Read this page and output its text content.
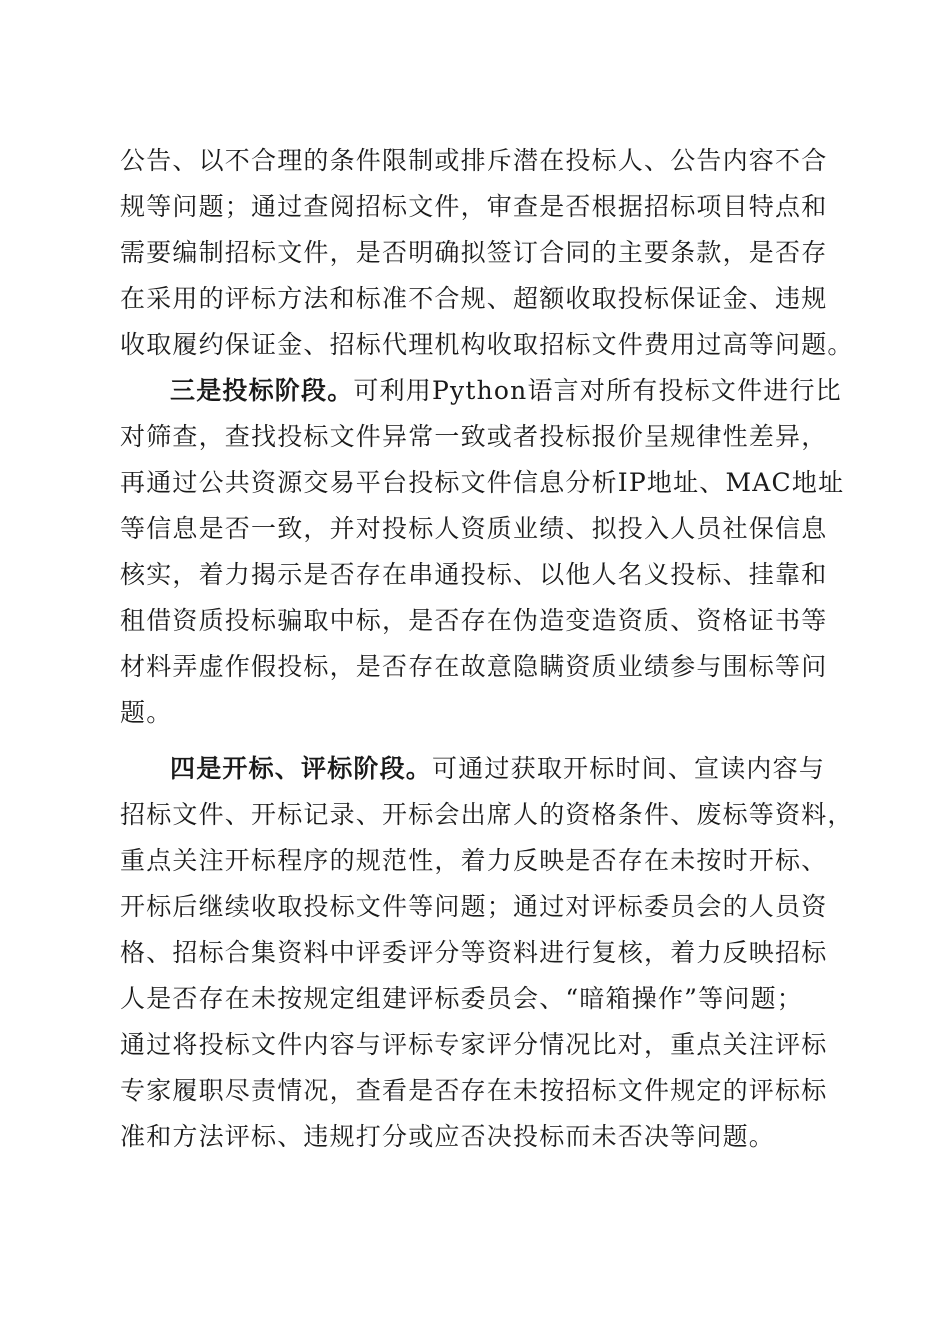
公告、以不合理的条件限制或排斥潜在投标人、公告内容不合
规等问题；通过查阅招标文件，审查是否根据招标项目特点和
需要编制招标文件，是否明确拟签订合同的主要条款，是否存
在采用的评标方法和标准不合规、超额收取投标保证金、违规
收取履约保证金、招标代理机构收取招标文件费用过高等问题。
三是投标阶段。可利用Python语言对所有投标文件进行比
对筛查，查找投标文件异常一致或者投标报价呈规律性差异，
再通过公共资源交易平台投标文件信息分析IP地址、MAC地址
等信息是否一致，并对投标人资质业绩、拟投入人员社保信息
核实，着力揭示是否存在串通投标、以他人名义投标、挂靠和
租借资质投标骗取中标，是否存在伪造变造资质、资格证书等
材料弄虚作假投标，是否存在故意隐瞒资质业绩参与围标等问
题。
四是开标、评标阶段。可通过获取开标时间、宣读内容与
招标文件、开标记录、开标会出席人的资格条件、废标等资料，
重点关注开标程序的规范性，着力反映是否存在未按时开标、
开标后继续收取投标文件等问题；通过对评标委员会的人员资
格、招标合集资料中评委评分等资料进行复核，着力反映招标
人是否存在未按规定组建评标委员会、“暗箱操作”等问题；
通过将投标文件内容与评标专家评分情况比对，重点关注评标
专家履职尽责情况，查看是否存在未按招标文件规定的评标标
准和方法评标、违规打分或应否决投标而未否决等问题。
